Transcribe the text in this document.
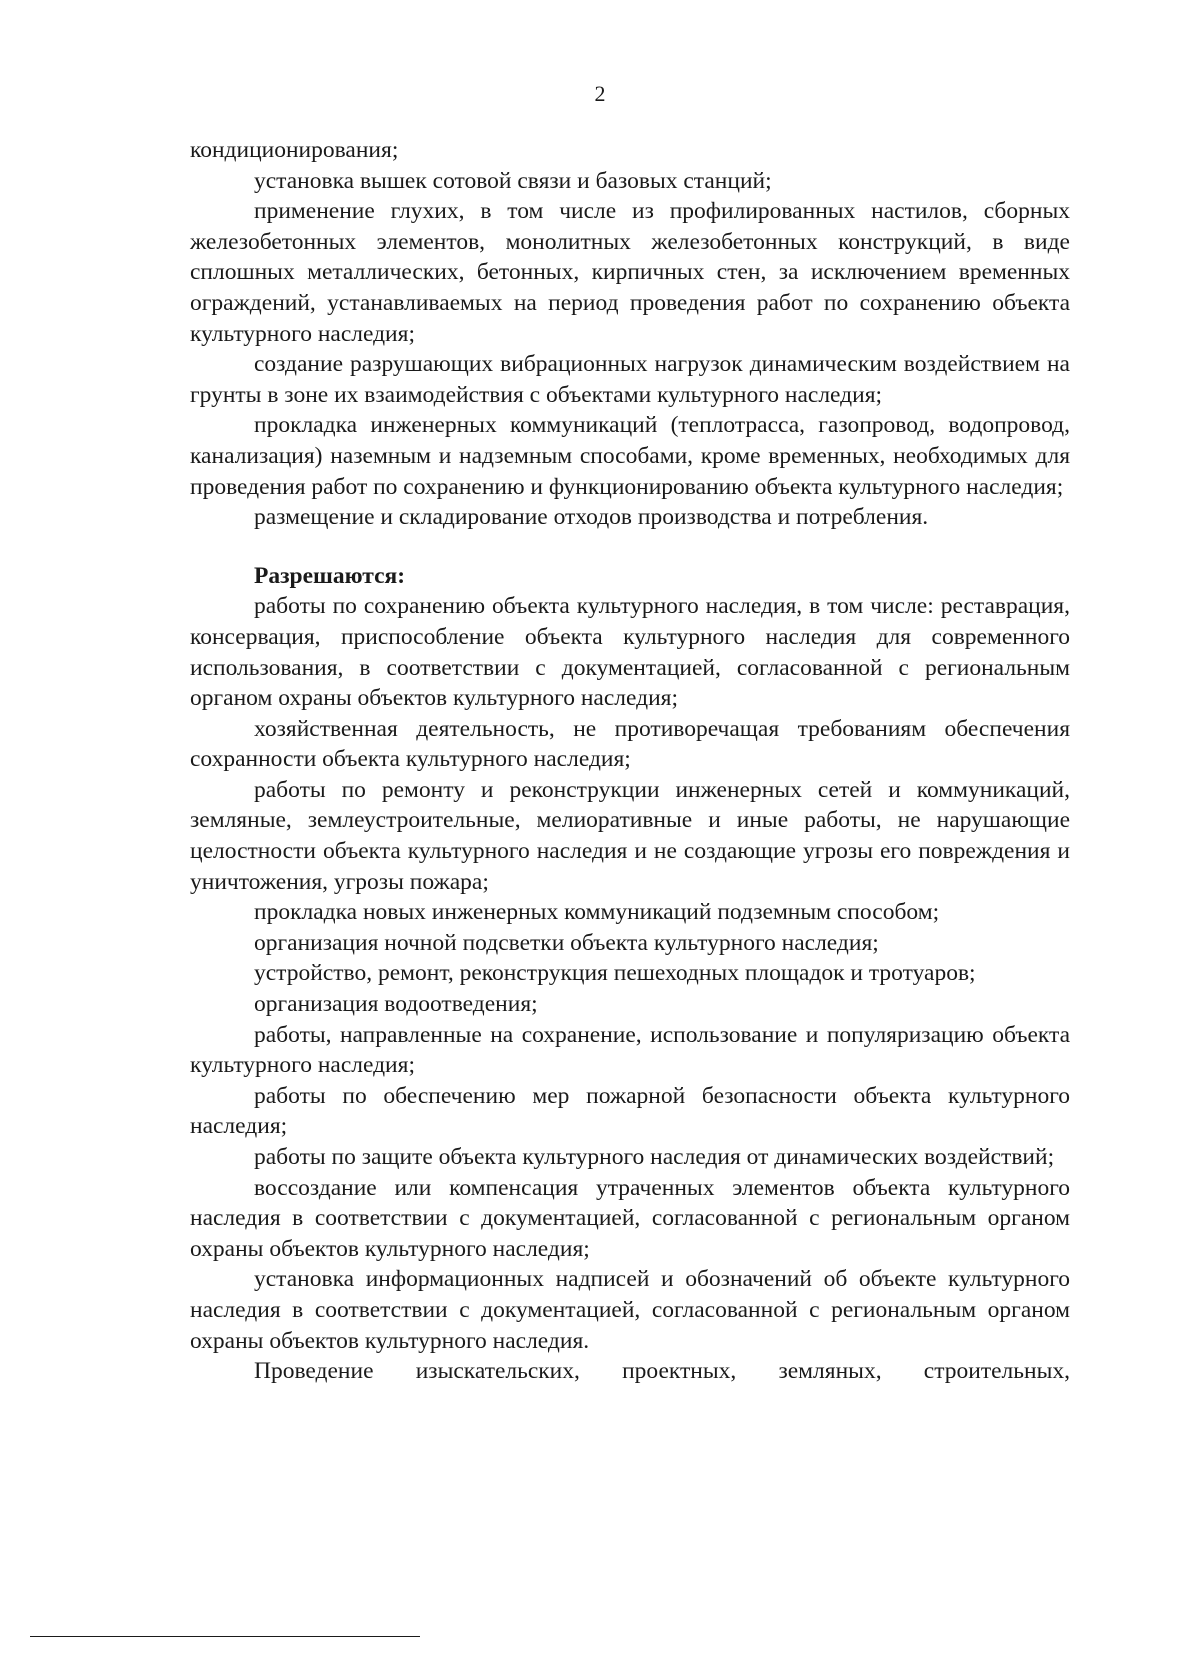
2

кондиционирования;

установка вышек сотовой связи и базовых станций;

применение глухих, в том числе из профилированных настилов, сборных железобетонных элементов, монолитных железобетонных конструкций, в виде сплошных металлических, бетонных, кирпичных стен, за исключением временных ограждений, устанавливаемых на период проведения работ по сохранению объекта культурного наследия;

создание разрушающих вибрационных нагрузок динамическим воздействием на грунты в зоне их взаимодействия с объектами культурного наследия;

прокладка инженерных коммуникаций (теплотрасса, газопровод, водопровод, канализация) наземным и надземным способами, кроме временных, необходимых для проведения работ по сохранению и функционированию объекта культурного наследия;

размещение и складирование отходов производства и потребления.

Разрешаются:

работы по сохранению объекта культурного наследия, в том числе: реставрация, консервация, приспособление объекта культурного наследия для современного использования, в соответствии с документацией, согласованной с региональным органом охраны объектов культурного наследия;

хозяйственная деятельность, не противоречащая требованиям обеспечения сохранности объекта культурного наследия;

работы по ремонту и реконструкции инженерных сетей и коммуникаций, земляные, землеустроительные, мелиоративные и иные работы, не нарушающие целостности объекта культурного наследия и не создающие угрозы его повреждения и уничтожения, угрозы пожара;

прокладка новых инженерных коммуникаций подземным способом;

организация ночной подсветки объекта культурного наследия;

устройство, ремонт, реконструкция пешеходных площадок и тротуаров;

организация водоотведения;

работы, направленные на сохранение, использование и популяризацию объекта культурного наследия;

работы по обеспечению мер пожарной безопасности объекта культурного наследия;

работы по защите объекта культурного наследия от динамических воздействий;

воссоздание или компенсация утраченных элементов объекта культурного наследия в соответствии с документацией, согласованной с региональным органом охраны объектов культурного наследия;

установка информационных надписей и обозначений об объекте культурного наследия в соответствии с документацией, согласованной с региональным органом охраны объектов культурного наследия.

Проведение изыскательских, проектных, земляных, строительных,
